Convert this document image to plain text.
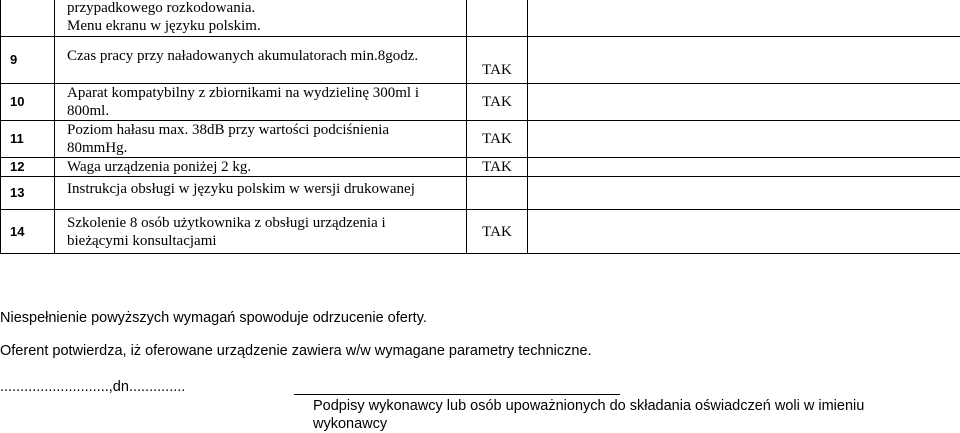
	przypadkowego rozkodowania.
Menu ekranu w języku polskim.		

9	Czas pracy przy naładowanych akumulatorach min.8godz.	TAK	
10	Aparat kompatybilny z zbiornikami na wydzielinę 300ml i
800ml.	TAK	
11	Poziom hałasu max. 38dB przy wartości podciśnienia
80mmHg.	TAK	
12	Waga urządzenia poniżej 2 kg.	TAK	
13	Instrukcja obsługi w języku polskim w wersji drukowanej		

14	Szkolenie 8 osób użytkownika z obsługi urządzenia i
bieżącymi konsultacjami	TAK	
Niespełnienie powyższych wymagań spowoduje odrzucenie oferty.
Oferent potwierdza, iż oferowane urządzenie zawiera w/w wymagane parametry techniczne.
...........................,dn..............
Podpisy wykonawcy lub osób upoważnionych do składania oświadczeń woli w imieniu
wykonawcy
